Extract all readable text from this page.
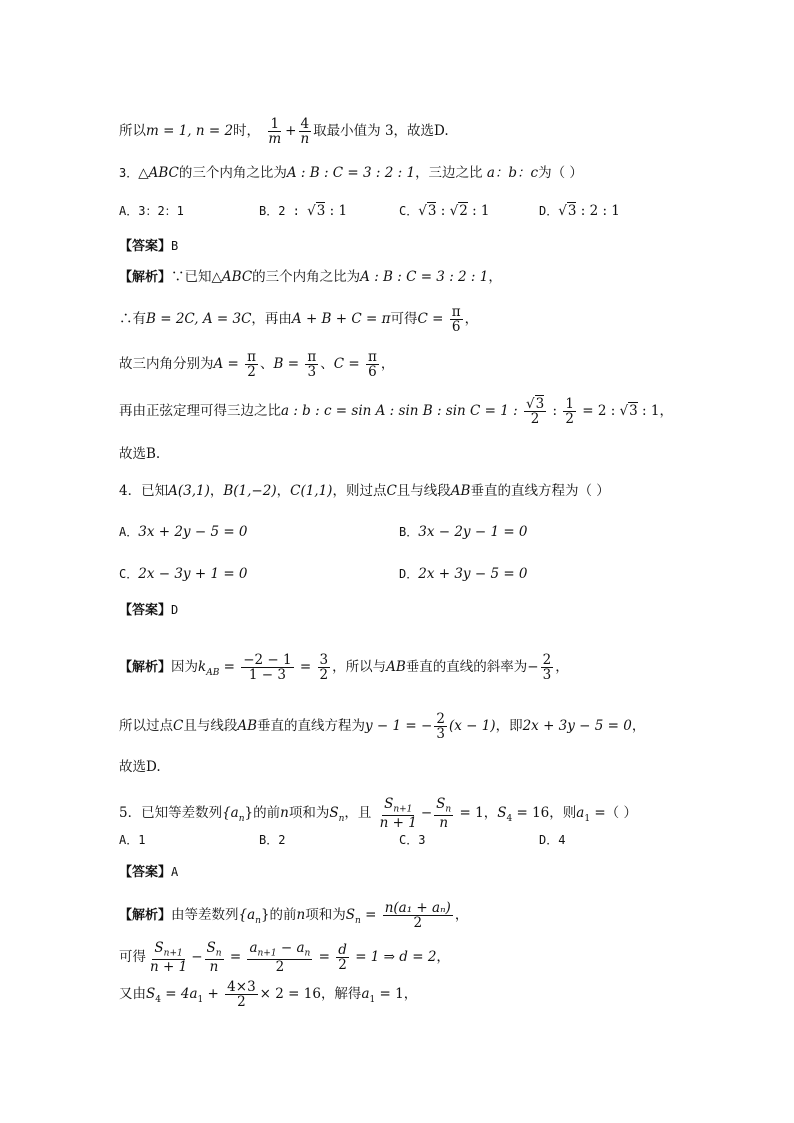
所以m = 1, n = 2时， $\frac{1}{m} + \frac{4}{n}$ 取最小值为 3，故选D.
3．△ABC的三个内角之比为A : B : C = 3 : 2 : 1，三边之比 a：b：c为（ ）
A．3：2：1	B．2 : √3 : 1	C．√3 : √2 : 1	D．√3 : 2 : 1
【答案】B
【解析】∵已知△ABC的三个内角之比为A : B : C = 3 : 2 : 1，
∴有B = 2C, A = 3C，再由A + B + C = π可得$C = \frac{\pi}{6}$ ，
故三内角分别为$A = \frac{\pi}{2}$ 、$B = \frac{\pi}{3}$ 、$C = \frac{\pi}{6}$ ，
再由正弦定理可得三边之比a : b : c = sin A : sin B : sin C = 1 : $\frac{√3}{2}$ : $\frac{1}{2} = 2$ : √3 : 1，
故选B.
4．已知A(3,1)，B(1,−2)，C(1,1)，则过点C且与线段AB垂直的直线方程为（ ）
A．3x + 2y − 5 = 0	B．3x − 2y − 1 = 0
C．2x − 3y + 1 = 0	D．2x + 3y − 5 = 0
【答案】D
【解析】因为$k_{AB} = \frac{-2 - 1}{1 - 3} = \frac{3}{2}$ ，所以与AB垂直的直线的斜率为− $\frac{2}{3}$ ，
所以过点C且与线段AB垂直的直线方程为y − 1 = − $\frac{2}{3} (x - 1)$，即2x + 3y − 5 = 0，
故选D.
5．已知等差数列$\{a_n\}$的前n项和为$S_n$，且 $\frac{S_{n+1}}{n + 1} - \frac{S_n}{n} = 1$，$S_4 = 16$，则$a_1$ =（ ）
A．1	B．2	C．3	D．4
【答案】A
【解析】由等差数列$\{a_n\}$的前n项和为$S_n = \frac{\text{n(a₁ + aₙ)}}{2}$ ，
可得 $\frac{S_{n+1}}{n + 1} - \frac{S_n}{n} = \frac{a_{n+1} - a_n}{2} = \frac{d}{2} = 1$ ⇒ d = 2，
又由$S_4 = 4a_1 + \frac{4\times 3}{2} \times 2 = 16$，解得$a_1 = 1$，
